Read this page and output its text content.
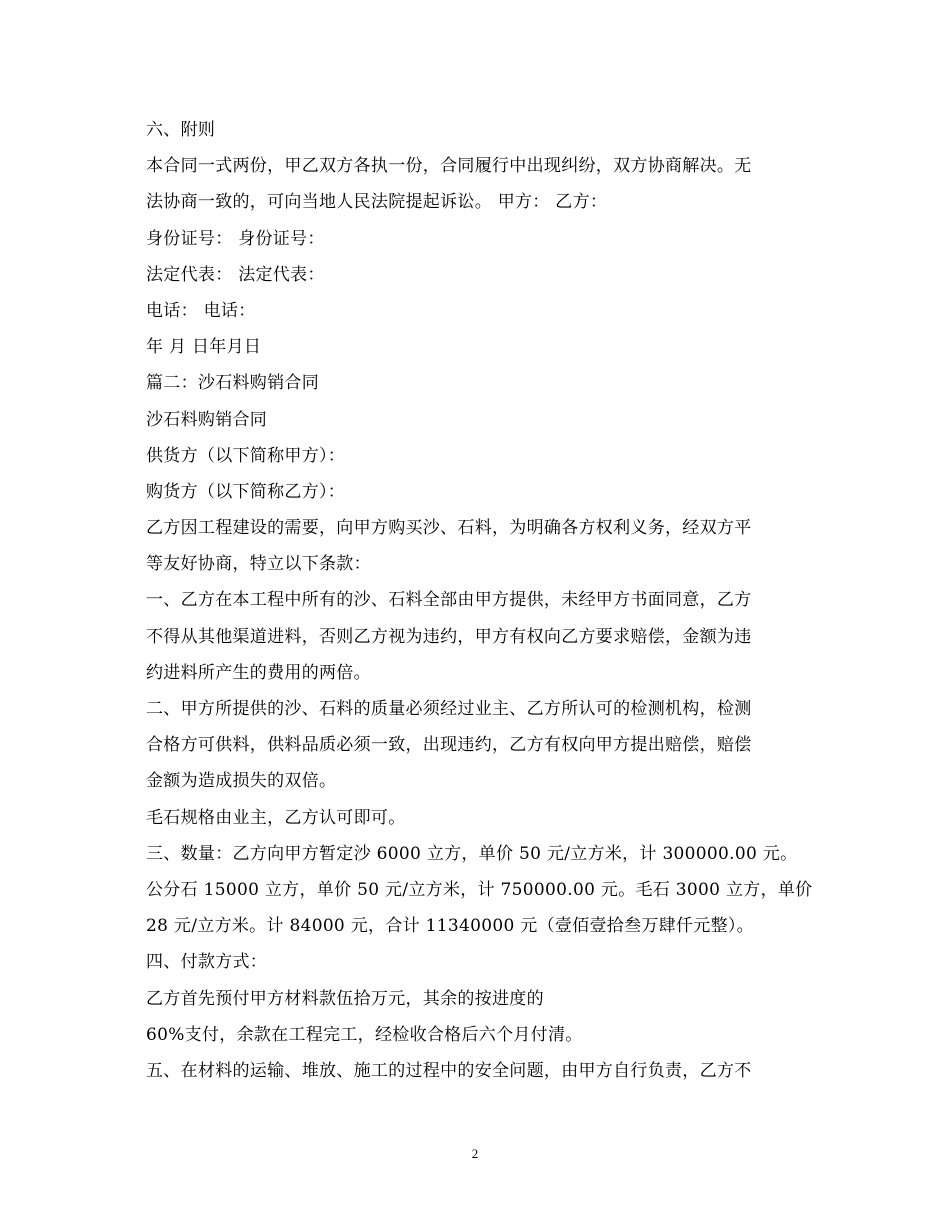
六、附则
本合同一式两份，甲乙双方各执一份，合同履行中出现纠纷，双方协商解决。无
法协商一致的，可向当地人民法院提起诉讼。 甲方： 乙方：
身份证号： 身份证号：
法定代表： 法定代表：
电话： 电话：
年 月 日年月日
篇二：沙石料购销合同
沙石料购销合同
供货方（以下简称甲方）：
购货方（以下简称乙方）：
乙方因工程建设的需要，向甲方购买沙、石料，为明确各方权利义务，经双方平
等友好协商，特立以下条款：
一、乙方在本工程中所有的沙、石料全部由甲方提供，未经甲方书面同意，乙方
不得从其他渠道进料，否则乙方视为违约，甲方有权向乙方要求赔偿，金额为违
约进料所产生的费用的两倍。
二、甲方所提供的沙、石料的质量必须经过业主、乙方所认可的检测机构，检测
合格方可供料，供料品质必须一致，出现违约，乙方有权向甲方提出赔偿，赔偿
金额为造成损失的双倍。
毛石规格由业主，乙方认可即可。
三、数量：乙方向甲方暂定沙 6000 立方，单价 50 元/立方米，计 300000.00 元。
公分石 15000 立方，单价 50 元/立方米，计 750000.00 元。毛石 3000 立方，单价
28 元/立方米。计 84000 元，合计 11340000 元（壹佰壹拾叁万肆仟元整）。
四、付款方式：
乙方首先预付甲方材料款伍拾万元，其余的按进度的
60%支付，余款在工程完工，经检收合格后六个月付清。
五、在材料的运输、堆放、施工的过程中的安全问题，由甲方自行负责，乙方不
2
